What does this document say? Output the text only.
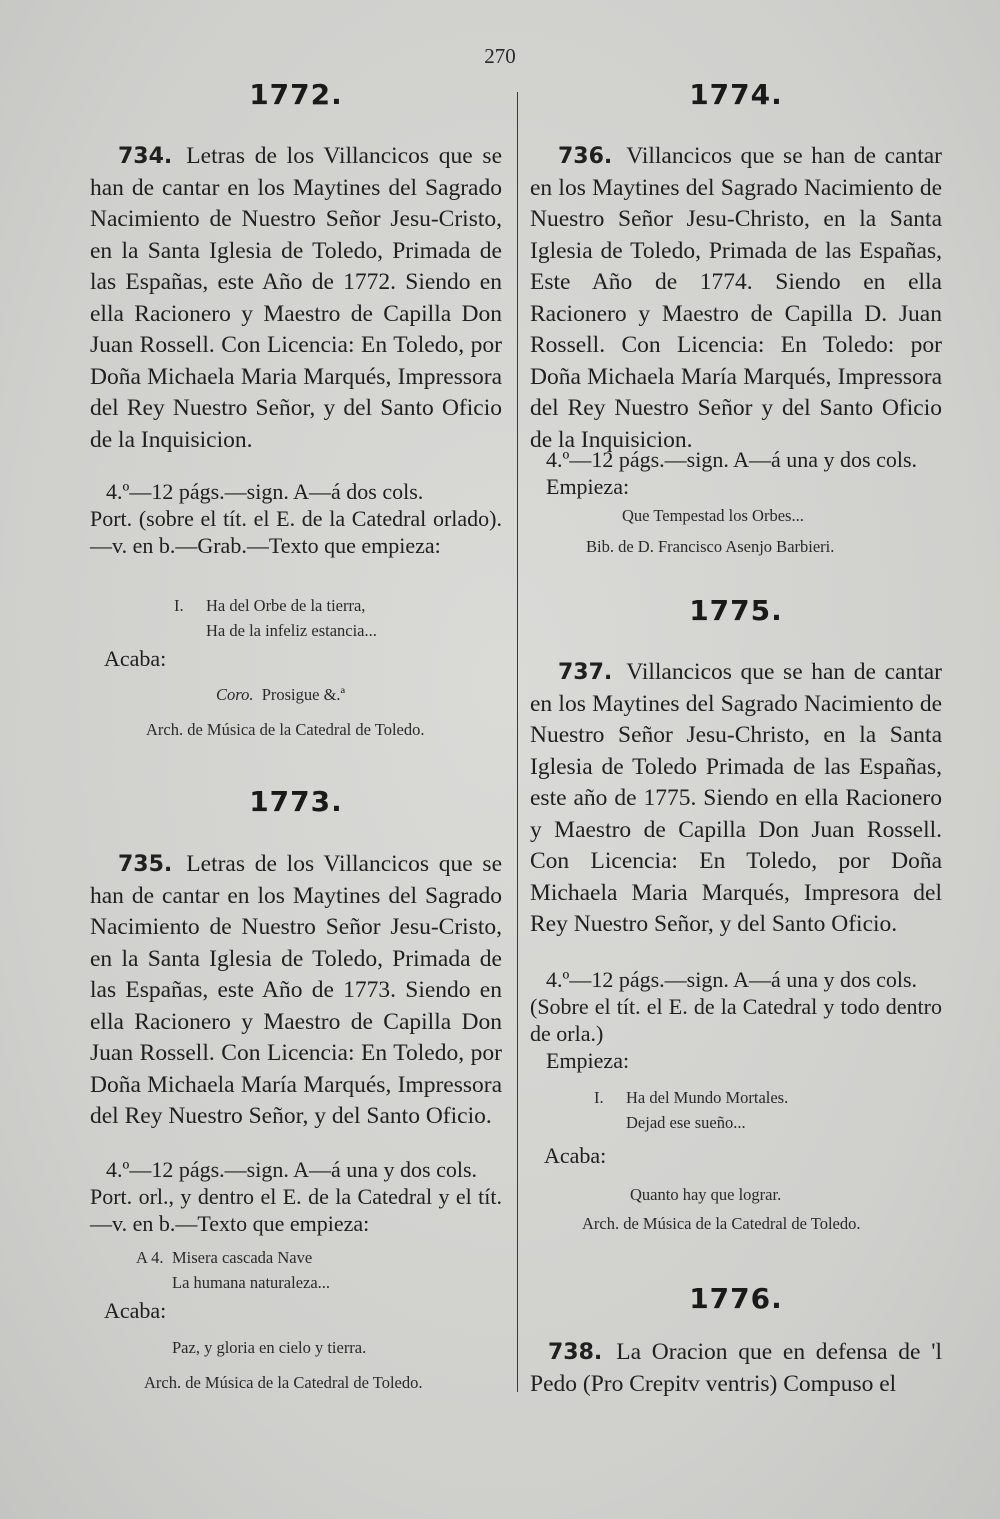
270
1772.
734. Letras de los Villancicos que se han de cantar en los Maytines del Sagrado Nacimiento de Nuestro Señor Jesu-Cristo, en la Santa Iglesia de Toledo, Primada de las Españas, este Año de 1772. Siendo en ella Racionero y Maestro de Capilla Don Juan Rossell. Con Licencia: En Toledo, por Doña Michaela Maria Marqués, Impressora del Rey Nuestro Señor, y del Santo Oficio de la Inquisicion.
4.º—12 págs.—sign. A—á dos cols.
Port. (sobre el tít. el E. de la Catedral orlado).—v. en b.—Grab.—Texto que empieza:
I. Ha del Orbe de la tierra,
Ha de la infeliz estancia...
Acaba:
Coro. Prosigue &.ª
Arch. de Música de la Catedral de Toledo.
1773.
735. Letras de los Villancicos que se han de cantar en los Maytines del Sagrado Nacimiento de Nuestro Señor Jesu-Cristo, en la Santa Iglesia de Toledo, Primada de las Españas, este Año de 1773. Siendo en ella Racionero y Maestro de Capilla Don Juan Rossell. Con Licencia: En Toledo, por Doña Michaela María Marqués, Impressora del Rey Nuestro Señor, y del Santo Oficio.
4.º—12 págs.—sign. A—á una y dos cols.
Port. orl., y dentro el E. de la Catedral y el tít.—v. en b.—Texto que empieza:
A 4. Misera cascada Nave
La humana naturaleza...
Acaba:
Paz, y gloria en cielo y tierra.
Arch. de Música de la Catedral de Toledo.
1774.
736. Villancicos que se han de cantar en los Maytines del Sagrado Nacimiento de Nuestro Señor Jesu-Christo, en la Santa Iglesia de Toledo, Primada de las Españas, Este Año de 1774. Siendo en ella Racionero y Maestro de Capilla D. Juan Rossell. Con Licencia: En Toledo: por Doña Michaela María Marqués, Impressora del Rey Nuestro Señor y del Santo Oficio de la Inquisicion.
4.º—12 págs.—sign. A—á una y dos cols.
Empieza:
Que Tempestad los Orbes...
Bib. de D. Francisco Asenjo Barbieri.
1775.
737. Villancicos que se han de cantar en los Maytines del Sagrado Nacimiento de Nuestro Señor Jesu-Christo, en la Santa Iglesia de Toledo Primada de las Españas, este año de 1775. Siendo en ella Racionero y Maestro de Capilla Don Juan Rossell. Con Licencia: En Toledo, por Doña Michaela Maria Marqués, Impresora del Rey Nuestro Señor, y del Santo Oficio.
4.º—12 págs.—sign. A—á una y dos cols.
(Sobre el tít. el E. de la Catedral y todo dentro de orla.)
Empieza:
I. Ha del Mundo Mortales.
Dejad ese sueño...
Acaba:
Quanto hay que lograr.
Arch. de Música de la Catedral de Toledo.
1776.
738. La Oracion que en defensa de 'l Pedo (Pro Crepitv ventris) Compuso el
